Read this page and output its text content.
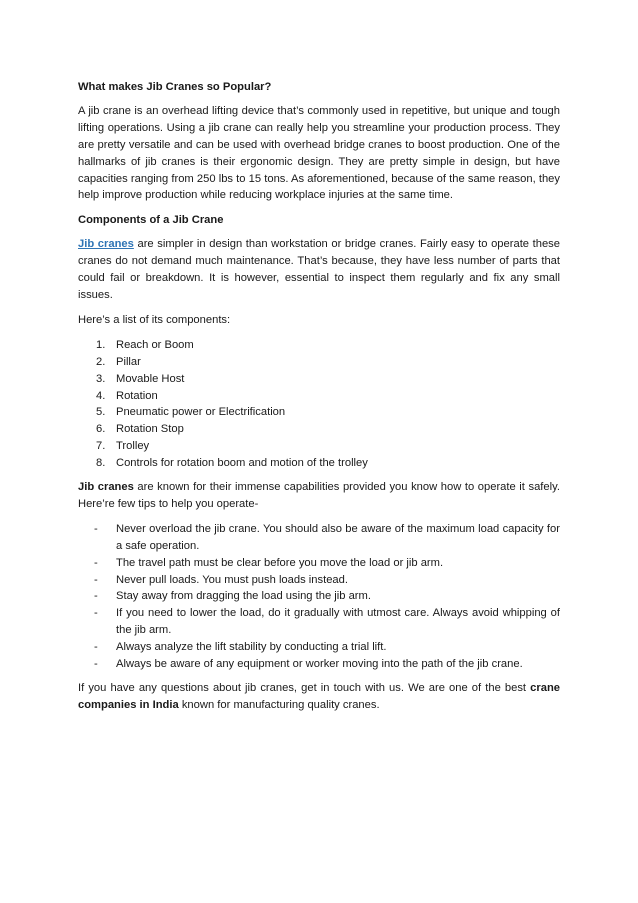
What makes Jib Cranes so Popular?

A jib crane is an overhead lifting device that’s commonly used in repetitive, but unique and tough lifting operations. Using a jib crane can really help you streamline your production process. They are pretty versatile and can be used with overhead bridge cranes to boost production. One of the hallmarks of jib cranes is their ergonomic design. They are pretty simple in design, but have capacities ranging from 250 lbs to 15 tons. As aforementioned, because of the same reason, they help improve production while reducing workplace injuries at the same time.

Components of a Jib Crane

Jib cranes are simpler in design than workstation or bridge cranes. Fairly easy to operate these cranes do not demand much maintenance. That’s because, they have less number of parts that could fail or breakdown. It is however, essential to inspect them regularly and fix any small issues.

Here’s a list of its components:

1. Reach or Boom
2. Pillar
3. Movable Host
4. Rotation
5. Pneumatic power or Electrification
6. Rotation Stop
7. Trolley
8. Controls for rotation boom and motion of the trolley

Jib cranes are known for their immense capabilities provided you know how to operate it safely. Here’re few tips to help you operate-

- Never overload the jib crane. You should also be aware of the maximum load capacity for a safe operation.
- The travel path must be clear before you move the load or jib arm.
- Never pull loads. You must push loads instead.
- Stay away from dragging the load using the jib arm.
- If you need to lower the load, do it gradually with utmost care. Always avoid whipping of the jib arm.
- Always analyze the lift stability by conducting a trial lift.
- Always be aware of any equipment or worker moving into the path of the jib crane.

If you have any questions about jib cranes, get in touch with us. We are one of the best crane companies in India known for manufacturing quality cranes.
